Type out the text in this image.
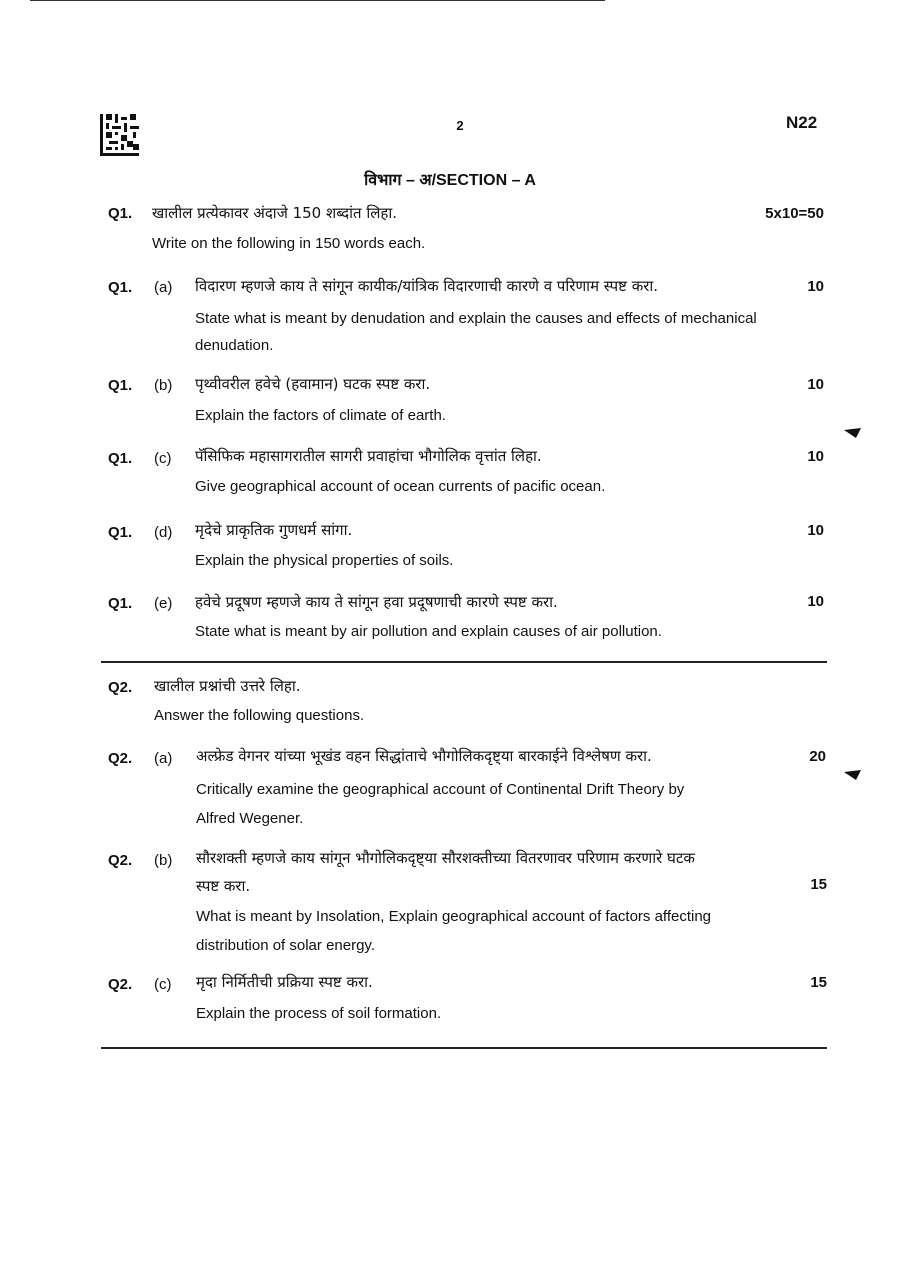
2	N22
विभाग – अ/SECTION – A
Q1. खालील प्रत्येकावर अंदाजे 150 शब्दांत लिहा.	5x10=50
Write on the following in 150 words each.
Q1. (a) विदारण म्हणजे काय ते सांगून कायीक/यांत्रिक विदारणाची कारणे व परिणाम स्पष्ट करा.	10
State what is meant by denudation and explain the causes and effects of mechanical denudation.
Q1. (b) पृथ्वीवरील हवेचे (हवामान) घटक स्पष्ट करा.	10
Explain the factors of climate of earth.
Q1. (c) पॅसिफिक महासागरातील सागरी प्रवाहांचा भौगोलिक वृत्तांत लिहा.	10
Give geographical account of ocean currents of pacific ocean.
Q1. (d) मृदेचे प्राकृतिक गुणधर्म सांगा.	10
Explain the physical properties of soils.
Q1. (e) हवेचे प्रदूषण म्हणजे काय ते सांगून हवा प्रदूषणाची कारणे स्पष्ट करा.	10
State what is meant by air pollution and explain causes of air pollution.
Q2. खालील प्रश्नांची उत्तरे लिहा.
Answer the following questions.
Q2. (a) अल्फ्रेड वेगनर यांच्या भूखंड वहन सिद्धांताचे भौगोलिकदृष्ट्या बारकाईने विश्लेषण करा.	20
Critically examine the geographical account of Continental Drift Theory by
Alfred Wegener.
Q2. (b) सौरशक्ती म्हणजे काय सांगून भौगोलिकदृष्ट्या सौरशक्तीच्या वितरणावर परिणाम करणारे घटक
स्पष्ट करा.	15
What is meant by Insolation, Explain geographical account of factors affecting
distribution of solar energy.
Q2. (c) मृदा निर्मितीची प्रक्रिया स्पष्ट करा.	15
Explain the process of soil formation.
